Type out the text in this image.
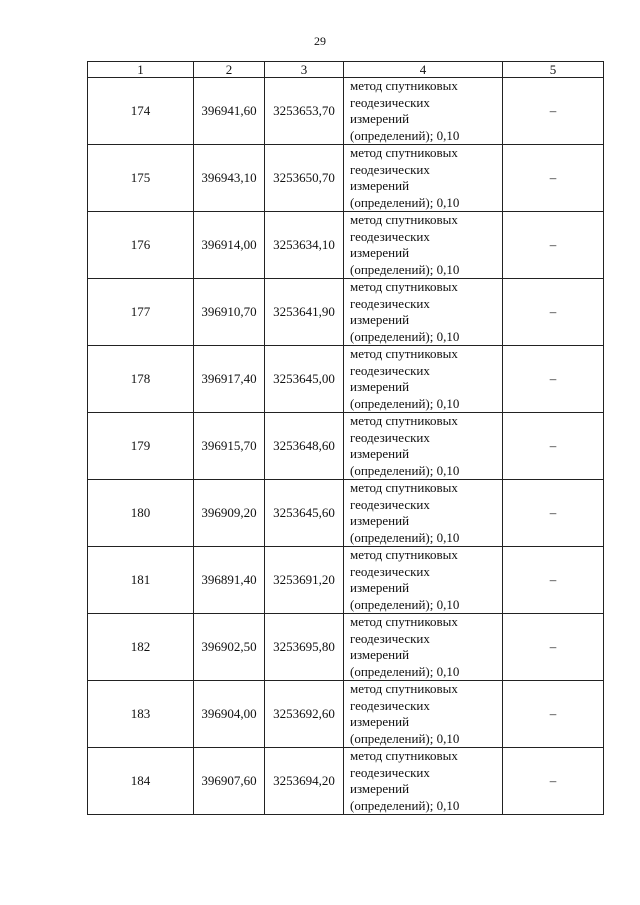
29
1	2	3	4	5
174	396941,60	3253653,70	метод спутниковых
геодезических
измерений
(определений); 0,10	–
175	396943,10	3253650,70	метод спутниковых
геодезических
измерений
(определений); 0,10	–
176	396914,00	3253634,10	метод спутниковых
геодезических
измерений
(определений); 0,10	–
177	396910,70	3253641,90	метод спутниковых
геодезических
измерений
(определений); 0,10	–
178	396917,40	3253645,00	метод спутниковых
геодезических
измерений
(определений); 0,10	–
179	396915,70	3253648,60	метод спутниковых
геодезических
измерений
(определений); 0,10	–
180	396909,20	3253645,60	метод спутниковых
геодезических
измерений
(определений); 0,10	–
181	396891,40	3253691,20	метод спутниковых
геодезических
измерений
(определений); 0,10	–
182	396902,50	3253695,80	метод спутниковых
геодезических
измерений
(определений); 0,10	–
183	396904,00	3253692,60	метод спутниковых
геодезических
измерений
(определений); 0,10	–
184	396907,60	3253694,20	метод спутниковых
геодезических
измерений
(определений); 0,10	–
